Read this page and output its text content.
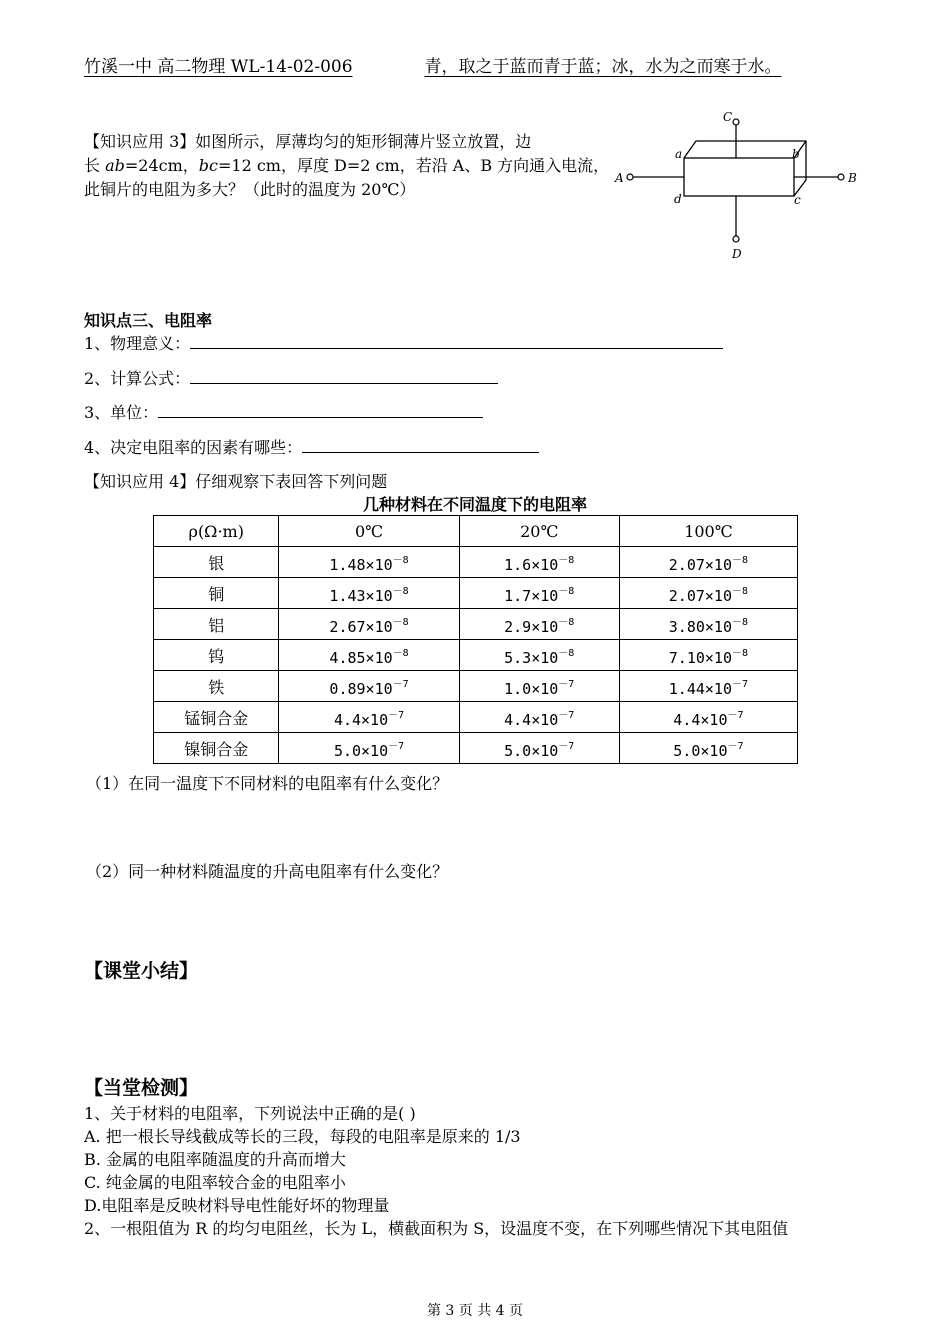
竹溪一中 高二物理 WL-14-02-006	青，取之于蓝而青于蓝；冰，水为之而寒于水。
【知识应用 3】如图所示，厚薄均匀的矩形铜薄片竖立放置，边
长 ab=24cm，bc=12 cm，厚度 D=2 cm，若沿 A、B 方向通入电流，
此铜片的电阻为多大？（此时的温度为 20℃）
A	B
C
D
a	b
c
d
知识点三、电阻率
1、物理意义：
2、计算公式：
3、单位：
4、决定电阻率的因素有哪些：
【知识应用 4】仔细观察下表回答下列问题
几种材料在不同温度下的电阻率
ρ(Ω·m)	0℃	20℃	100℃
银	$1.48\times 10^{-8}$	$1.6\times 10^{-8}$	$2.07\times 10^{-8}$
铜	$1.43\times 10^{-8}$	$1.7\times 10^{-8}$	$2.07\times 10^{-8}$
铝	$2.67\times 10^{-8}$	$2.9\times 10^{-8}$	$3.80\times 10^{-8}$
钨	$4.85\times 10^{-8}$	$5.3\times 10^{-8}$	$7.10\times 10^{-8}$
铁	$0.89\times 10^{-7}$	$1.0\times 10^{-7}$	$1.44\times 10^{-7}$
锰铜合金	$4.4\times 10^{-7}$	$4.4\times 10^{-7}$	$4.4\times 10^{-7}$
镍铜合金	$5.0\times 10^{-7}$	$5.0\times 10^{-7}$	$5.0\times 10^{-7}$
（1）在同一温度下不同材料的电阻率有什么变化？
（2）同一种材料随温度的升高电阻率有什么变化？
【课堂小结】
【当堂检测】
1、关于材料的电阻率，下列说法中正确的是( )
A. 把一根长导线截成等长的三段，每段的电阻率是原来的 1/3
B. 金属的电阻率随温度的升高而增大
C. 纯金属的电阻率较合金的电阻率小
D.电阻率是反映材料导电性能好坏的物理量
2、一根阻值为 R 的均匀电阻丝，长为 L，横截面积为 S，设温度不变，在下列哪些情况下其电阻值
第 3 页 共 4 页
